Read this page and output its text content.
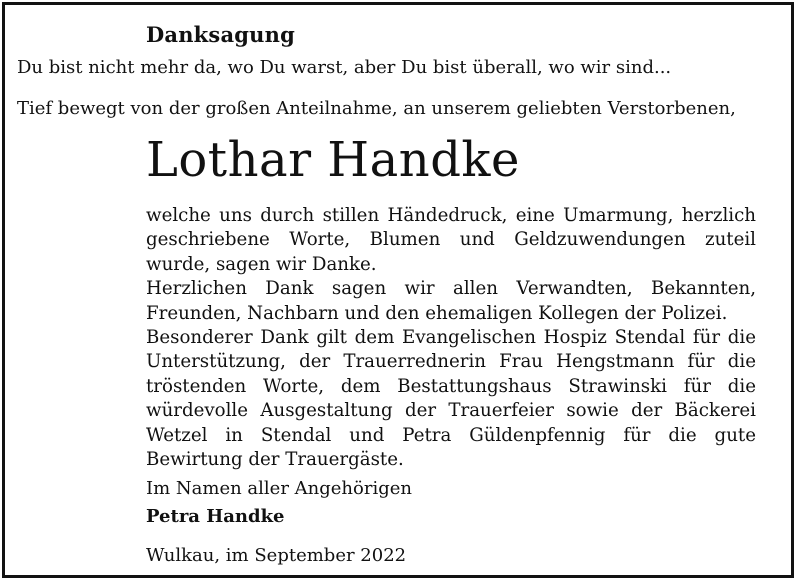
Danksagung
Du bist nicht mehr da, wo Du warst, aber Du bist überall, wo wir sind...
Tief bewegt von der großen Anteilnahme, an unserem geliebten Verstorbenen,
Lothar Handke

welche uns durch stillen Händedruck, eine Umarmung, herzlich geschriebene Worte, Blumen und Geldzuwendungen zuteil wurde, sagen wir Danke.

Herzlichen Dank sagen wir allen Verwandten, Bekannten, Freunden, Nachbarn und den ehemaligen Kollegen der Polizei.

Besonderer Dank gilt dem Evangelischen Hospiz Stendal für die Unterstützung, der Trauerrednerin Frau Hengstmann für die tröstenden Worte, dem Bestattungshaus Strawinski für die würdevolle Ausgestaltung der Trauerfeier sowie der Bäckerei Wetzel in Stendal und Petra Güldenpfennig für die gute Bewirtung der Trauergäste.

Im Namen aller Angehörigen
Petra Handke
Wulkau, im September 2022
